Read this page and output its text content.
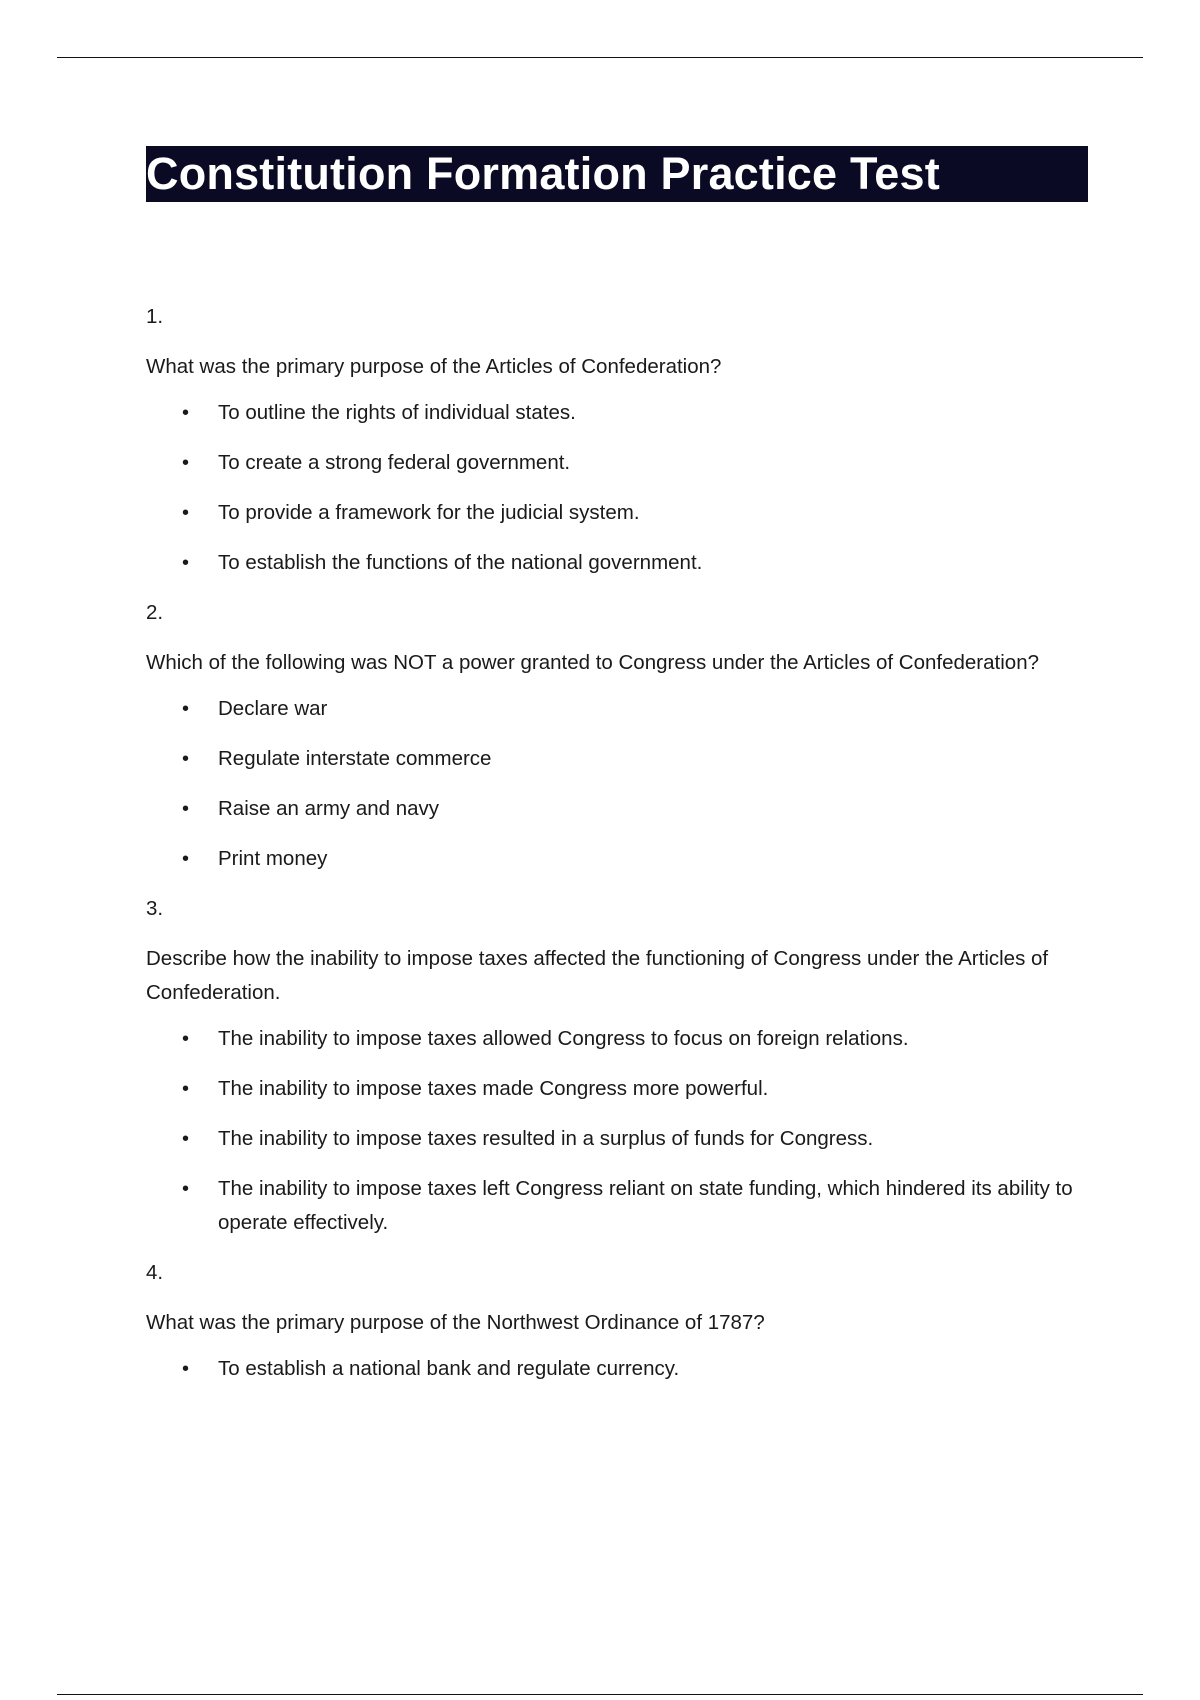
Constitution Formation Practice Test

1.

What was the primary purpose of the Articles of Confederation?

• To outline the rights of individual states.
• To create a strong federal government.
• To provide a framework for the judicial system.
• To establish the functions of the national government.

2.

Which of the following was NOT a power granted to Congress under the Articles of Confederation?

• Declare war
• Regulate interstate commerce
• Raise an army and navy
• Print money

3.

Describe how the inability to impose taxes affected the functioning of Congress under the Articles of Confederation.

• The inability to impose taxes allowed Congress to focus on foreign relations.
• The inability to impose taxes made Congress more powerful.
• The inability to impose taxes resulted in a surplus of funds for Congress.
• The inability to impose taxes left Congress reliant on state funding, which hindered its ability to operate effectively.

4.

What was the primary purpose of the Northwest Ordinance of 1787?

• To establish a national bank and regulate currency.
